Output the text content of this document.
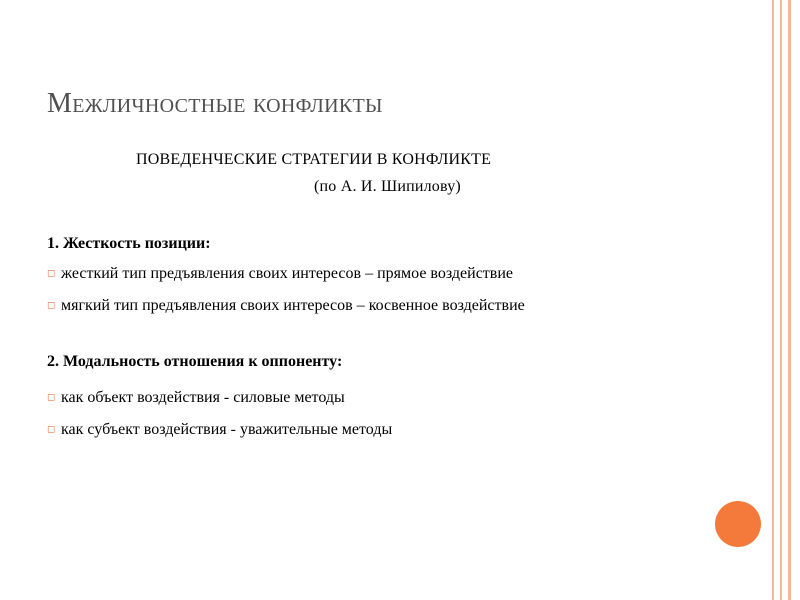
Межличностные конфликты
ПОВЕДЕНЧЕСКИЕ СТРАТЕГИИ В КОНФЛИКТЕ
(по А. И. Шипилову)
1. Жесткость позиции:
◻ жесткий тип предъявления своих интересов – прямое воздействие
◻ мягкий тип предъявления своих интересов – косвенное воздействие
2. Модальность отношения к оппоненту:
◻ как объект воздействия - силовые методы
◻ как субъект воздействия - уважительные методы
